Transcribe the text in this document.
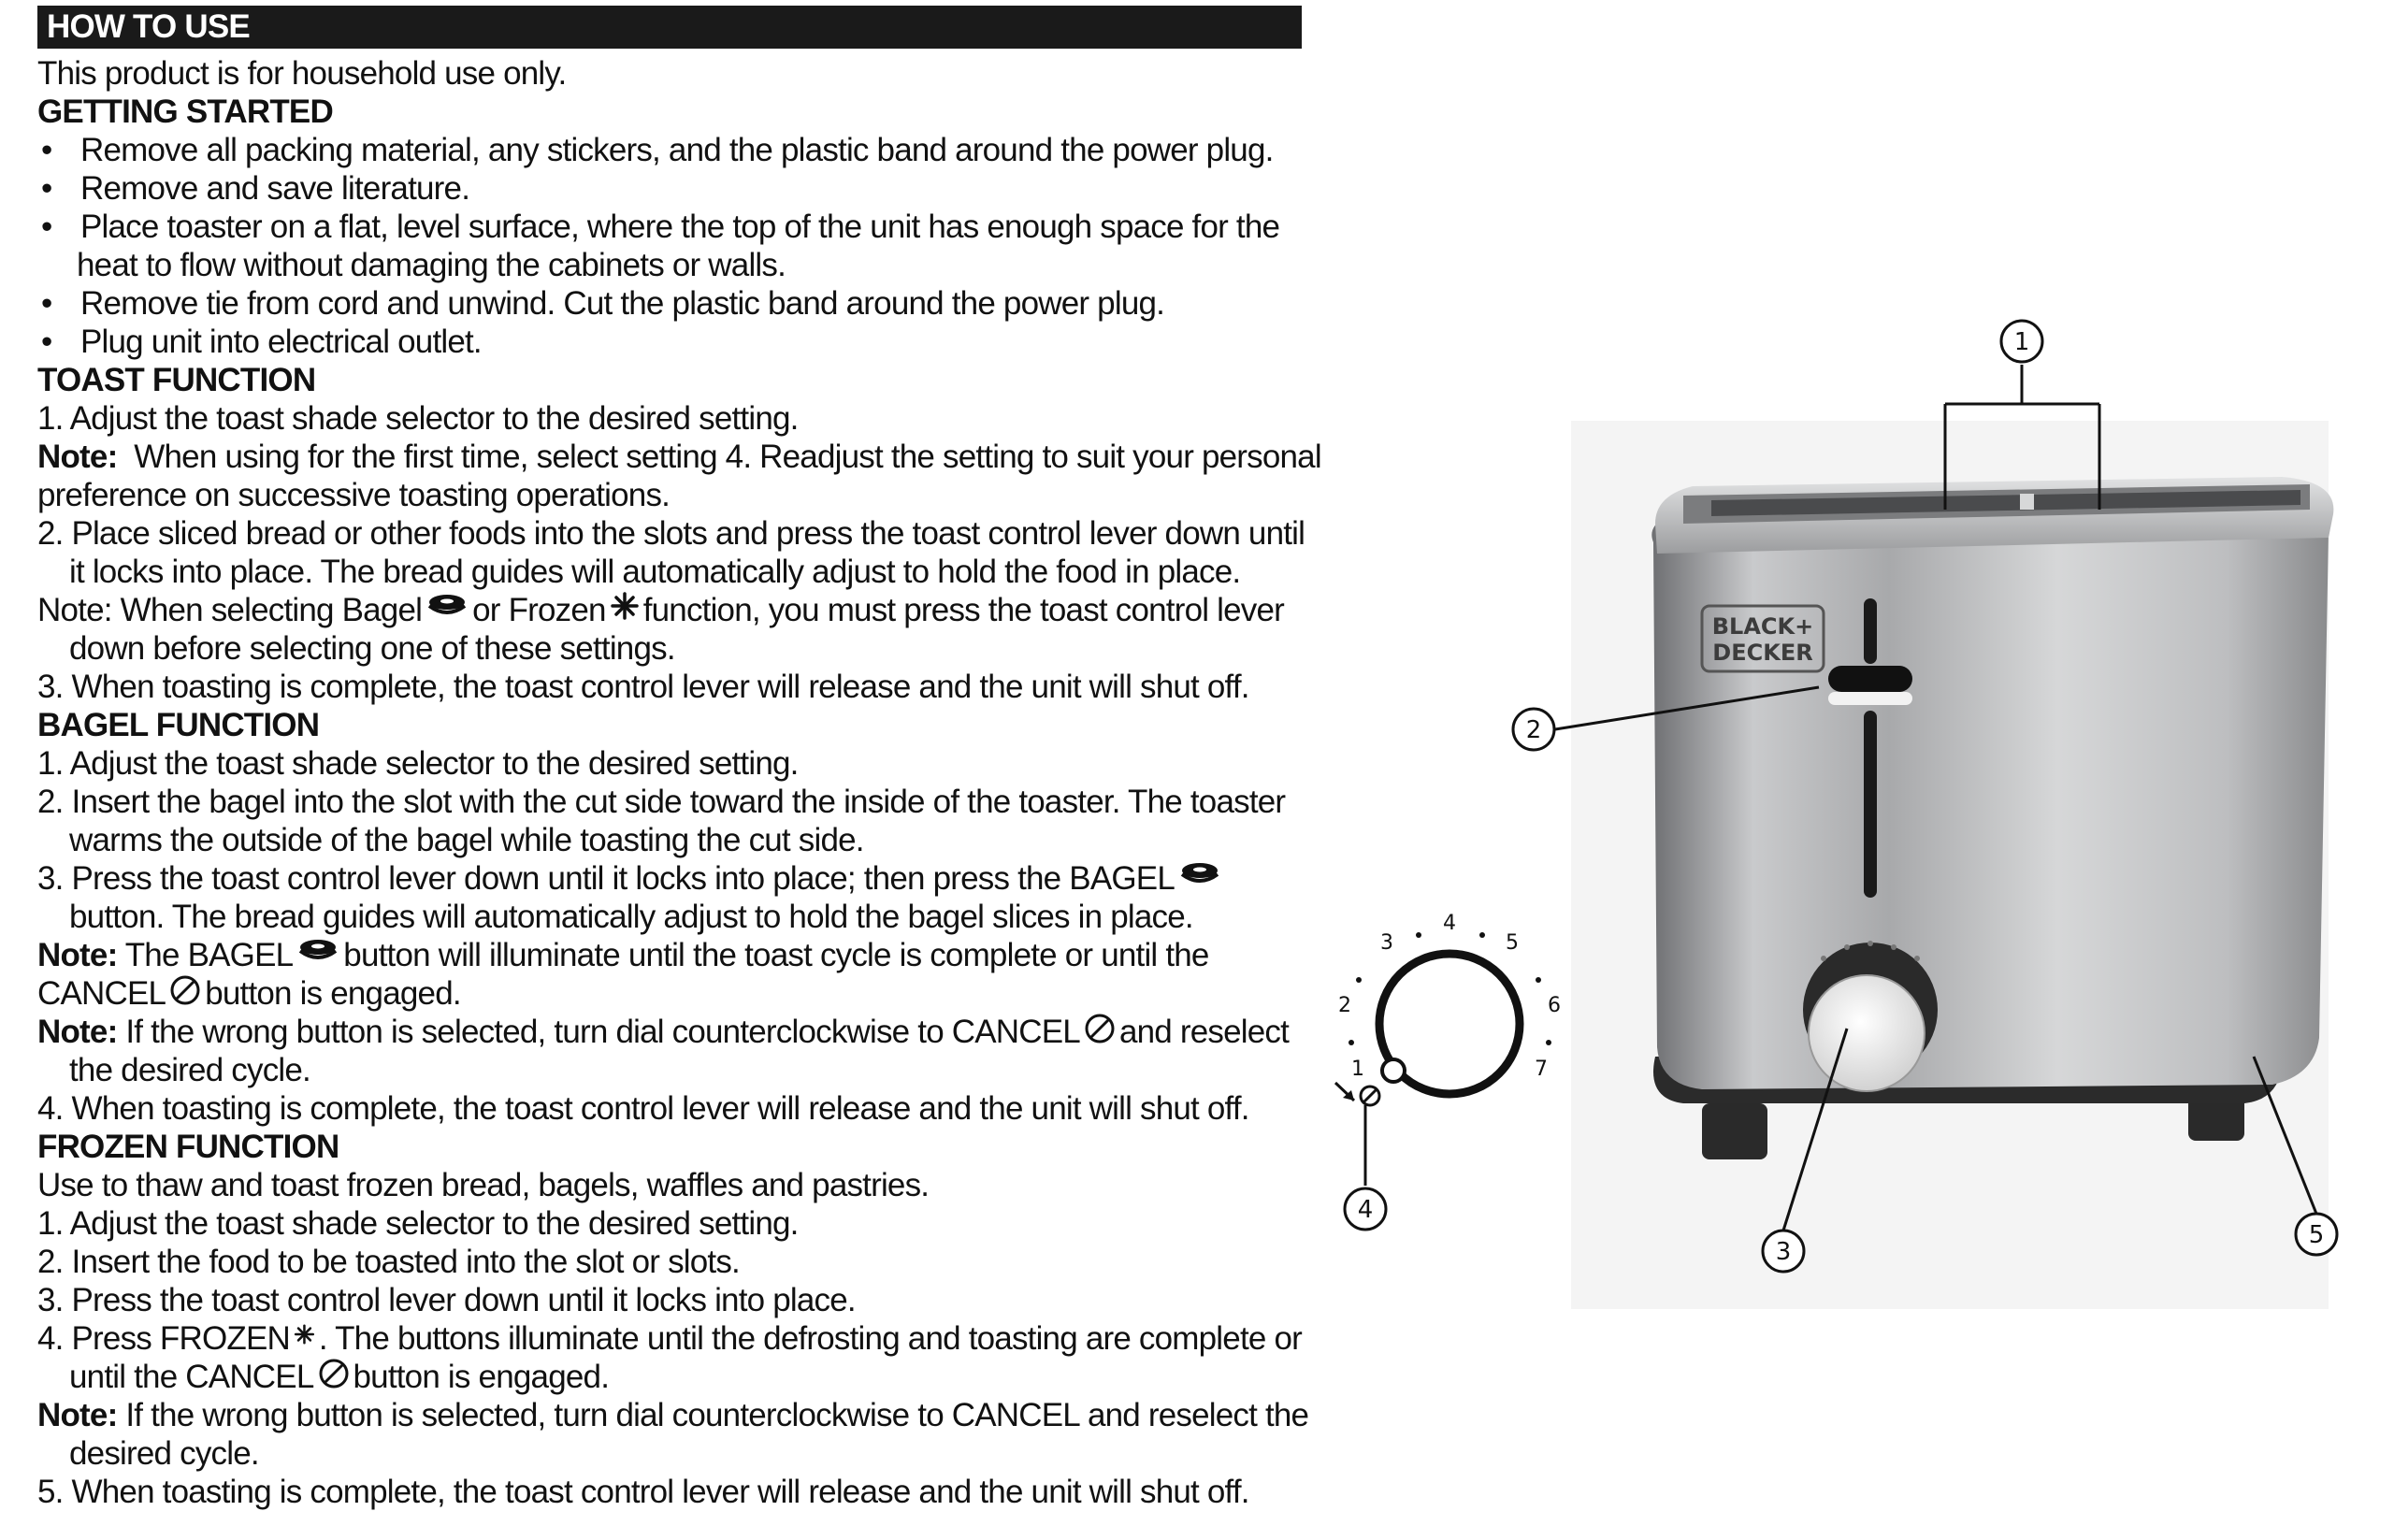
HOW TO USE
This product is for household use only.
GETTING STARTED
• Remove all packing material, any stickers, and the plastic band around the power plug.
• Remove and save literature.
• Place toaster on a flat, level surface, where the top of the unit has enough space for the
heat to flow without damaging the cabinets or walls.
• Remove tie from cord and unwind. Cut the plastic band around the power plug.
• Plug unit into electrical outlet.
TOAST FUNCTION
1. Adjust the toast shade selector to the desired setting.
Note: When using for the first time, select setting 4. Readjust the setting to suit your personal
preference on successive toasting operations.
2. Place sliced bread or other foods into the slots and press the toast control lever down until
it locks into place. The bread guides will automatically adjust to hold the food in place.
Note: When selecting Bagel or Frozen function, you must press the toast control lever
down before selecting one of these settings.
3. When toasting is complete, the toast control lever will release and the unit will shut off.
BAGEL FUNCTION
1. Adjust the toast shade selector to the desired setting.
2. Insert the bagel into the slot with the cut side toward the inside of the toaster. The toaster
warms the outside of the bagel while toasting the cut side.
3. Press the toast control lever down until it locks into place; then press the BAGEL
button. The bread guides will automatically adjust to hold the bagel slices in place.
Note: The BAGEL button will illuminate until the toast cycle is complete or until the
CANCEL button is engaged.
Note: If the wrong button is selected, turn dial counterclockwise to CANCEL and reselect
the desired cycle.
4. When toasting is complete, the toast control lever will release and the unit will shut off.
FROZEN FUNCTION
Use to thaw and toast frozen bread, bagels, waffles and pastries.
1. Adjust the toast shade selector to the desired setting.
2. Insert the food to be toasted into the slot or slots.
3. Press the toast control lever down until it locks into place.
4. Press FROZEN . The buttons illuminate until the defrosting and toasting are complete or
until the CANCEL button is engaged.
Note: If the wrong button is selected, turn dial counterclockwise to CANCEL and reselect the
desired cycle.
5. When toasting is complete, the toast control lever will release and the unit will shut off.
BLACK+
DECKER
1
2
3
4
5
6
7
1
2
3
4
5
